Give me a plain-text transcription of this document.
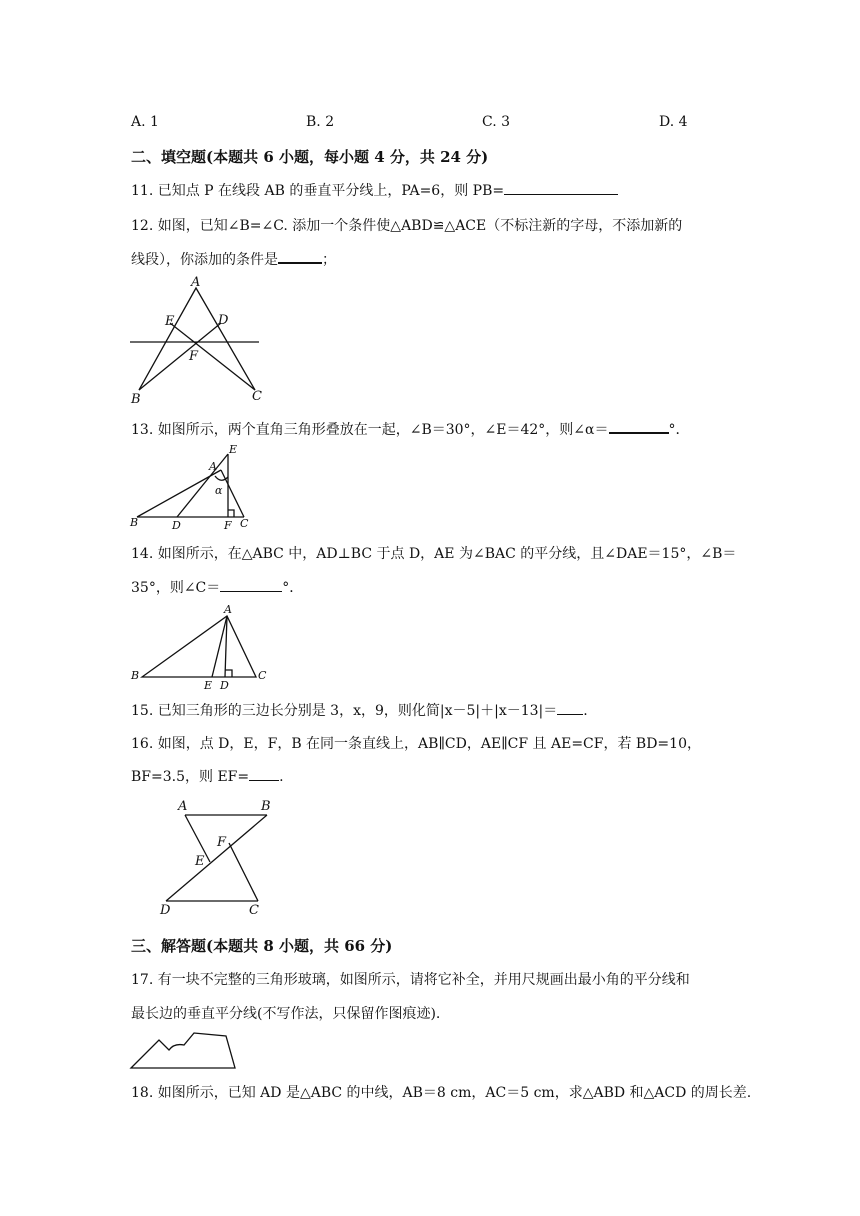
A. 1	B. 2	C. 3	D. 4
二、填空题(本题共 6 小题，每小题 4 分，共 24 分)
11. 已知点 P 在线段 AB 的垂直平分线上，PA=6，则 PB=
12. 如图，已知∠B=∠C. 添加一个条件使△ABD≌△ACE（不标注新的字母，不添加新的
线段），你添加的条件是	；
A
E	D
F
B	C
13. 如图所示，两个直角三角形叠放在一起，∠B＝30°，∠E＝42°，则∠α＝	°．
E
A
α
B	D	F C
14. 如图所示，在△ABC 中，AD⊥BC 于点 D，AE 为∠BAC 的平分线，且∠DAE＝15°，∠B＝
35°，则∠C＝	°．
A
B
E D
C
15. 已知三角形的三边长分别是 3，x，9，则化简|x－5|＋|x－13|＝ .
16. 如图，点 D，E，F，B 在同一条直线上，AB∥CD，AE∥CF 且 AE=CF，若 BD=10，
BF=3.5，则 EF= .
A	B
F
E
D	C
三、解答题(本题共 8 小题，共 66 分)
17. 有一块不完整的三角形玻璃，如图所示，请将它补全，并用尺规画出最小角的平分线和
最长边的垂直平分线(不写作法，只保留作图痕迹).
18. 如图所示，已知 AD 是△ABC 的中线，AB＝8 cm，AC＝5 cm，求△ABD 和△ACD 的周长差.
